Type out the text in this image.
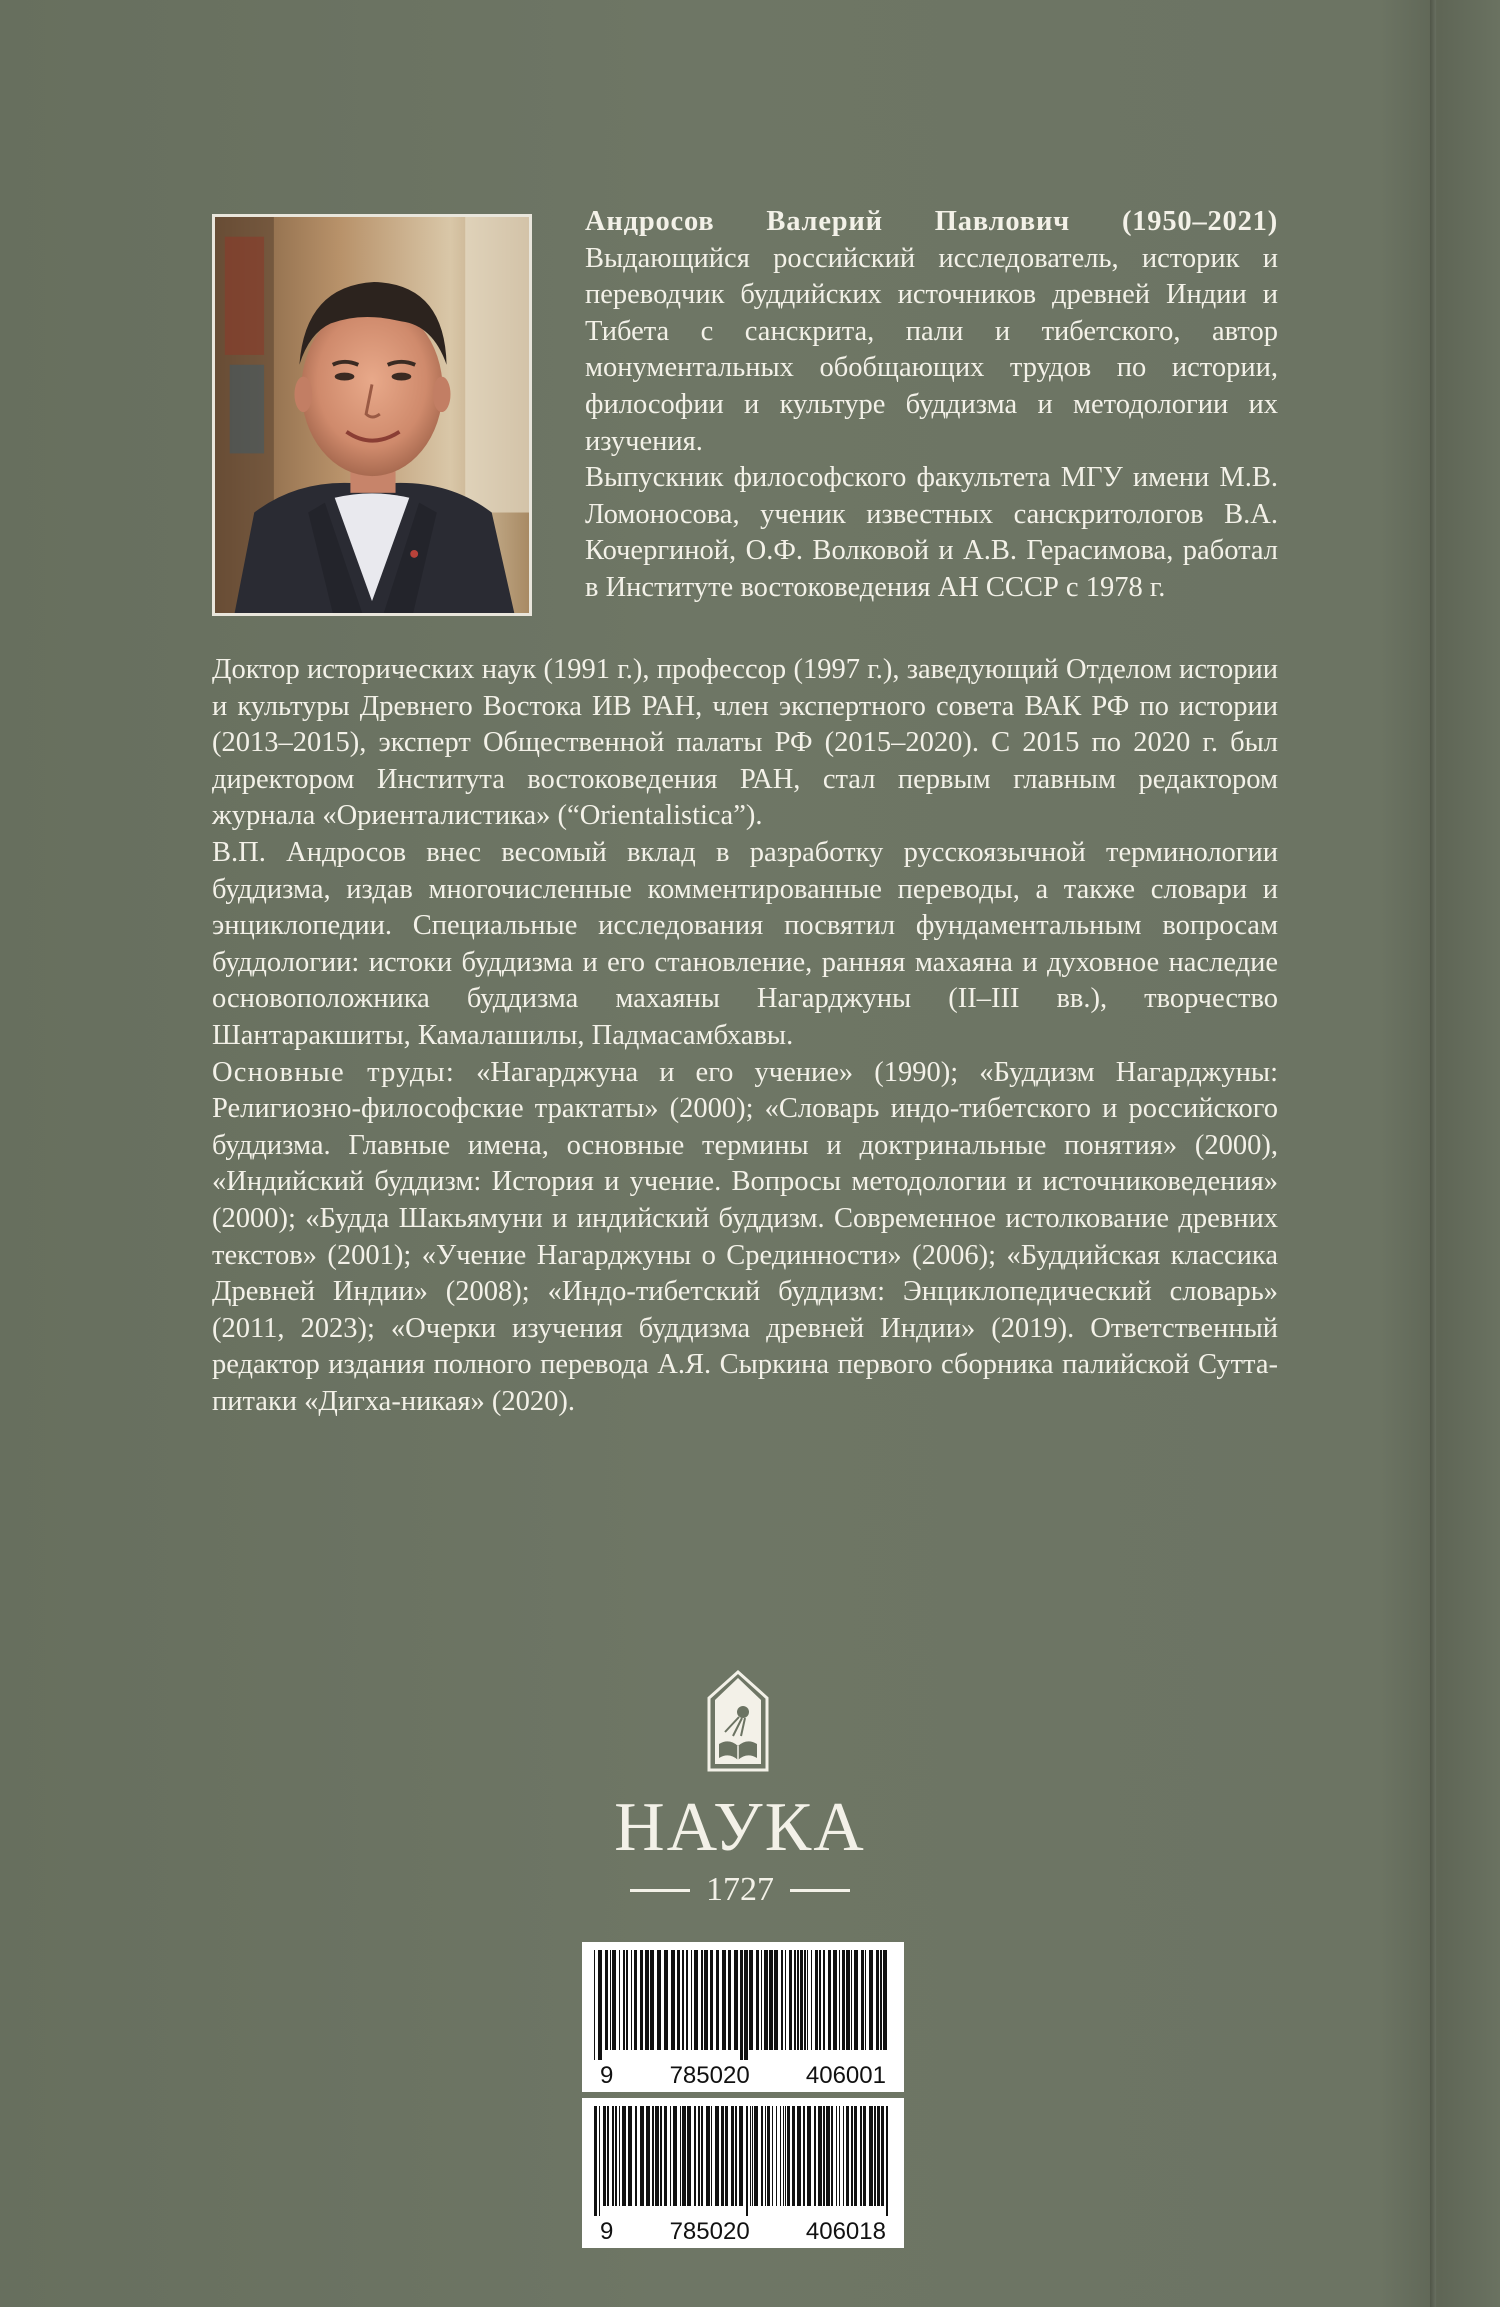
Андросов Валерий Павлович (1950–2021) Выдающийся российский исследователь, историк и переводчик буддийских источников древней Индии и Тибета с санскрита, пали и тибетского, автор монументальных обобщающих трудов по истории, философии и культуре буддизма и методологии их изучения.

Выпускник философского факультета МГУ имени М.В. Ломоносова, ученик известных санскритологов В.А. Кочергиной, О.Ф. Волковой и А.В. Герасимова, работал в Институте востоковедения АН СССР с 1978 г.

Доктор исторических наук (1991 г.), профессор (1997 г.), заведующий Отделом истории и культуры Древнего Востока ИВ РАН, член экспертного совета ВАК РФ по истории (2013–2015), эксперт Общественной палаты РФ (2015–2020). С 2015 по 2020 г. был директором Института востоковедения РАН, стал первым главным редактором журнала «Ориенталистика» (“Orientalistica”).

В.П. Андросов внес весомый вклад в разработку русскоязычной терминологии буддизма, издав многочисленные комментированные переводы, а также словари и энциклопедии. Специальные исследования посвятил фундаментальным вопросам буддологии: истоки буддизма и его становление, ранняя махаяна и духовное наследие основоположника буддизма махаяны Нагарджуны (II–III вв.), творчество Шантаракшиты, Камалашилы, Падмасамбхавы.

Основные труды: «Нагарджуна и его учение» (1990); «Буддизм Нагарджуны: Религиозно-философские трактаты» (2000); «Словарь индо-тибетского и российского буддизма. Главные имена, основные термины и доктринальные понятия» (2000), «Индийский буддизм: История и учение. Вопросы методологии и источниковедения» (2000); «Будда Шакьямуни и индийский буддизм. Современное истолкование древних текстов» (2001); «Учение Нагарджуны о Срединности» (2006); «Буддийская классика Древней Индии» (2008); «Индо-тибетский буддизм: Энциклопедический словарь» (2011, 2023); «Очерки изучения буддизма древней Индии» (2019). Ответственный редактор издания полного перевода А.Я. Сыркина первого сборника палийской Сутта-питаки «Дигха-никая» (2020).

НАУКА
1727
9 785020 406001
9 785020 406018
